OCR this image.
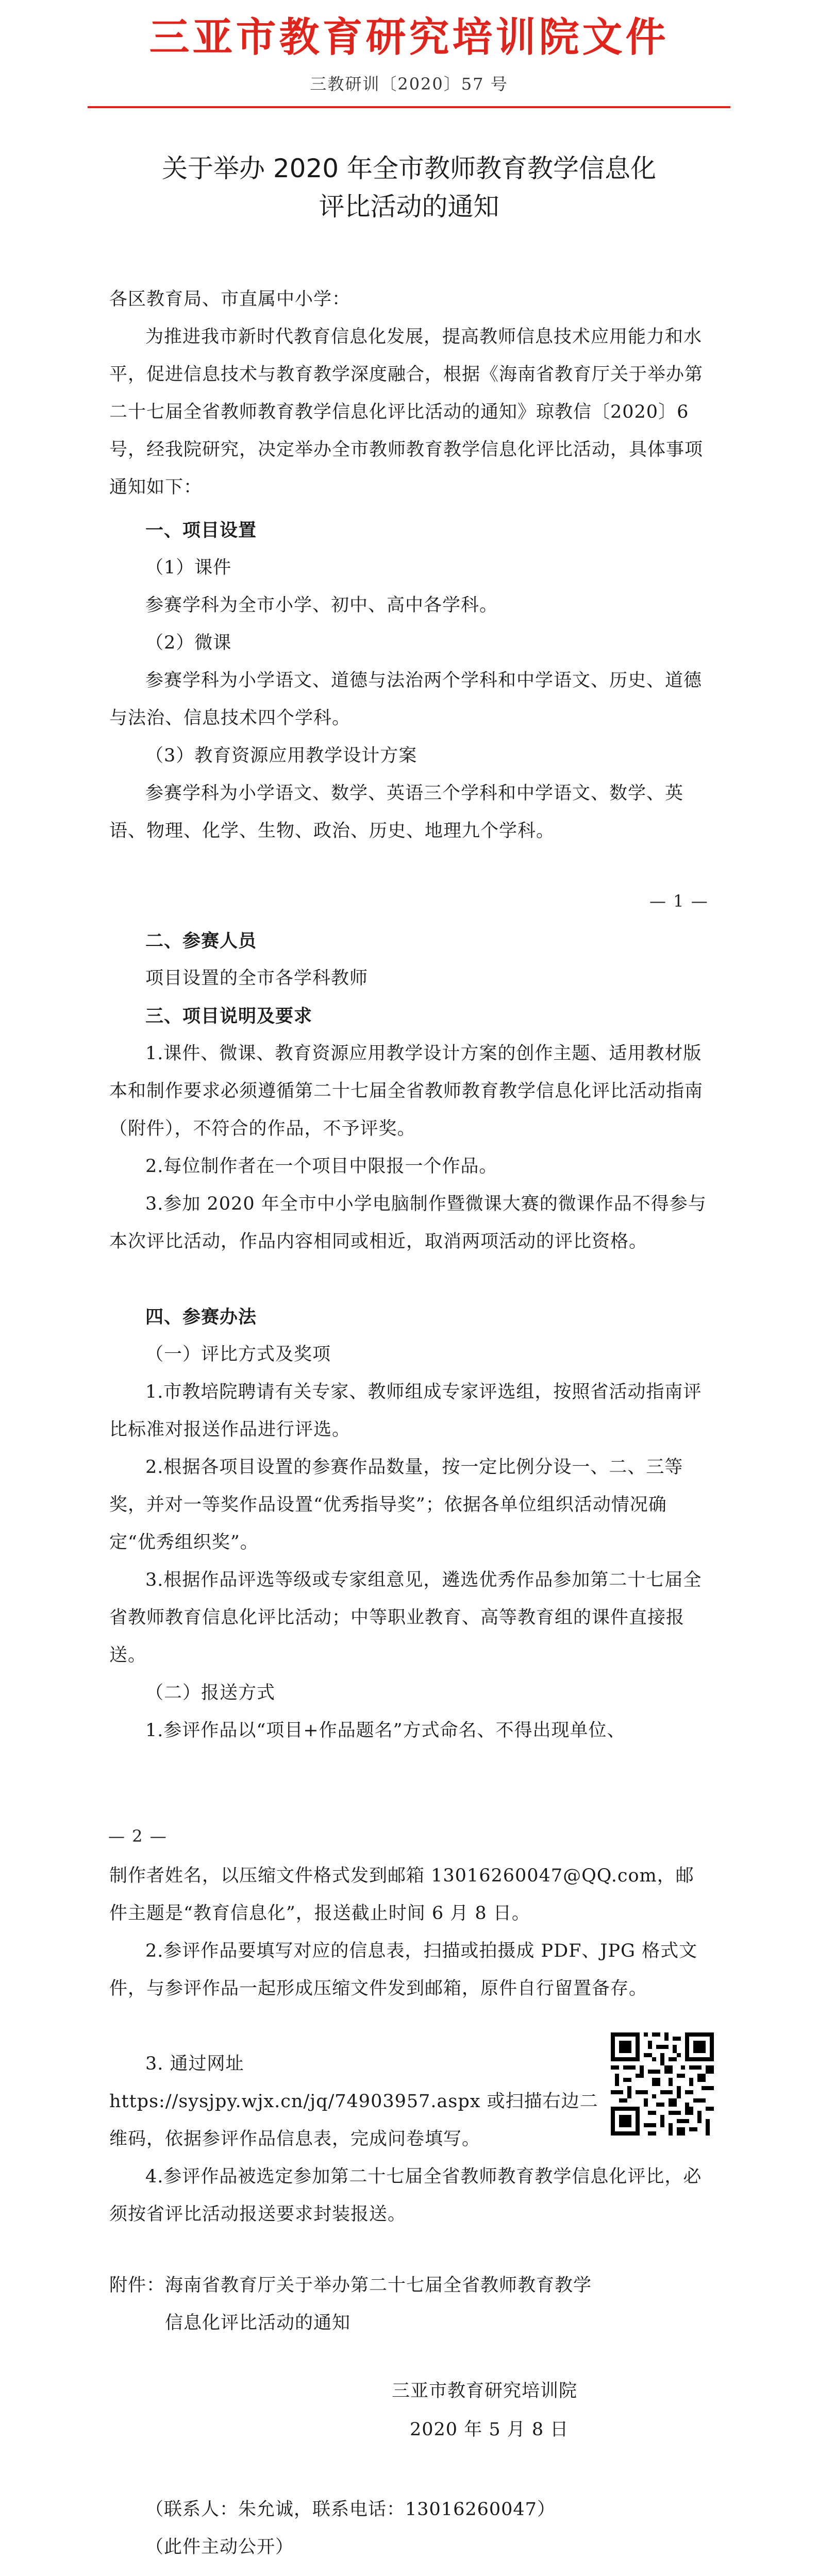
三亚市教育研究培训院文件
三教研训〔2020〕57 号
关于举办 2020 年全市教师教育教学信息化
评比活动的通知

各区教育局、市直属中小学：

为推进我市新时代教育信息化发展，提高教师信息技术应用能力和水平，促进信息技术与教育教学深度融合，根据《海南省教育厅关于举办第二十七届全省教师教育教学信息化评比活动的通知》琼教信〔2020〕6 号，经我院研究，决定举办全市教师教育教学信息化评比活动，具体事项通知如下：

一、项目设置

（1）课件

参赛学科为全市小学、初中、高中各学科。

（2）微课

参赛学科为小学语文、道德与法治两个学科和中学语文、历史、道德与法治、信息技术四个学科。

（3）教育资源应用教学设计方案

参赛学科为小学语文、数学、英语三个学科和中学语文、数学、英语、物理、化学、生物、政治、历史、地理九个学科。

— 1 —

二、参赛人员

项目设置的全市各学科教师

三、项目说明及要求

1.课件、微课、教育资源应用教学设计方案的创作主题、适用教材版本和制作要求必须遵循第二十七届全省教师教育教学信息化评比活动指南（附件），不符合的作品，不予评奖。

2.每位制作者在一个项目中限报一个作品。

3.参加 2020 年全市中小学电脑制作暨微课大赛的微课作品不得参与本次评比活动，作品内容相同或相近，取消两项活动的评比资格。

四、参赛办法

（一）评比方式及奖项

1.市教培院聘请有关专家、教师组成专家评选组，按照省活动指南评比标准对报送作品进行评选。

2.根据各项目设置的参赛作品数量，按一定比例分设一、二、三等奖，并对一等奖作品设置“优秀指导奖”；依据各单位组织活动情况确定“优秀组织奖”。

3.根据作品评选等级或专家组意见，遴选优秀作品参加第二十七届全省教师教育信息化评比活动；中等职业教育、高等教育组的课件直接报送。

（二）报送方式

1.参评作品以“项目+作品题名”方式命名、不得出现单位、

— 2 —

制作者姓名，以压缩文件格式发到邮箱 13016260047@QQ.com，邮件主题是“教育信息化”，报送截止时间 6 月 8 日。

2.参评作品要填写对应的信息表，扫描或拍摄成 PDF、JPG 格式文件，与参评作品一起形成压缩文件发到邮箱，原件自行留置备存。

3. 通过网址 https://sysjpy.wjx.cn/jq/74903957.aspx 或扫描右边二维码，依据参评作品信息表，完成问卷填写。

4.参评作品被选定参加第二十七届全省教师教育教学信息化评比，必须按省评比活动报送要求封装报送。

附件：海南省教育厅关于举办第二十七届全省教师教育教学
　　　信息化评比活动的通知

三亚市教育研究培训院

2020 年 5 月 8 日

（联系人：朱允诚，联系电话：13016260047）

（此件主动公开）
